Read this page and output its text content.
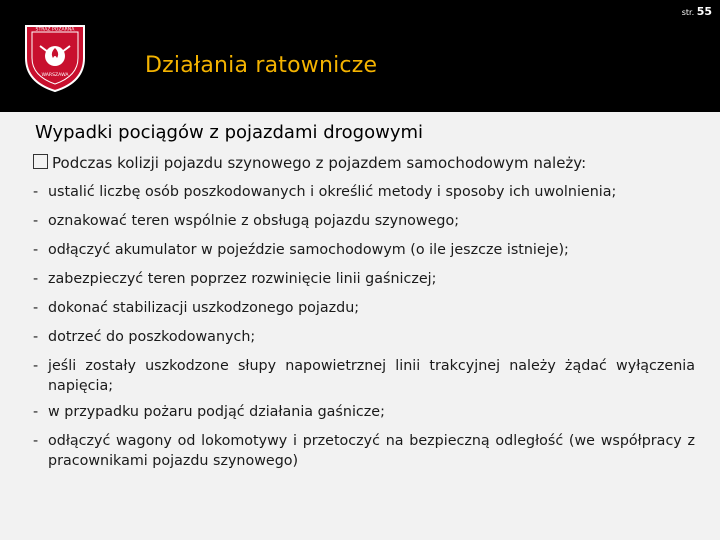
str. 55
STRAŻ POŻARNA
WARSZAWA	Działania ratownicze
Wypadki pociągów z pojazdami drogowymi
Podczas kolizji pojazdu szynowego z pojazdem samochodowym należy:
- ustalić liczbę osób poszkodowanych i określić metody i sposoby ich uwolnienia;
- oznakować teren wspólnie z obsługą pojazdu szynowego;
- odłączyć akumulator w pojeździe samochodowym (o ile jeszcze istnieje);
- zabezpieczyć teren poprzez rozwinięcie linii gaśniczej;
- dokonać stabilizacji uszkodzonego pojazdu;
- dotrzeć do poszkodowanych;
- jeśli zostały uszkodzone słupy napowietrznej linii trakcyjnej należy żądać wyłączenia napięcia;
- w przypadku pożaru podjąć działania gaśnicze;
- odłączyć wagony od lokomotywy i przetoczyć na bezpieczną odległość (we współpracy z pracownikami pojazdu szynowego)
